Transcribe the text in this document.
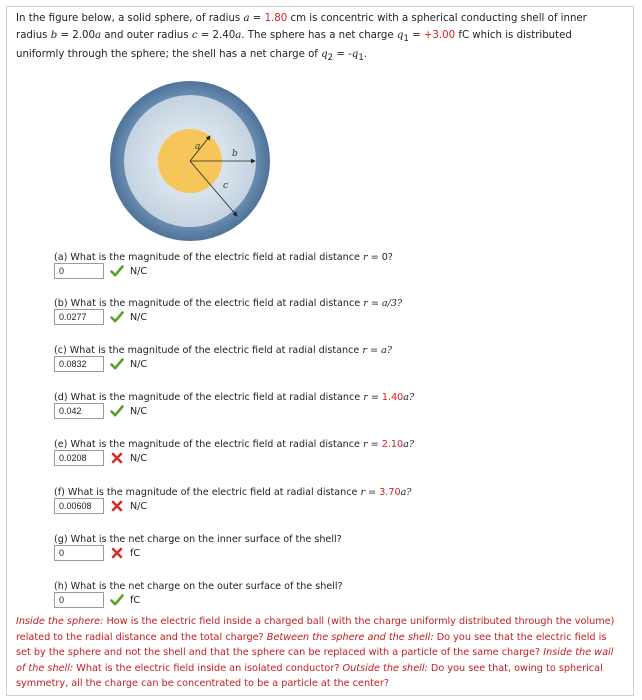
In the figure below, a solid sphere, of radius a = 1.80 cm is concentric with a spherical conducting shell of inner radius b = 2.00a and outer radius c = 2.40a. The sphere has a net charge $q_1 = +3.00$ fC which is distributed uniformly through the sphere; the shell has a net charge of $q_2 = -q_1$.
a
b
c
(a) What is the magnitude of the electric field at radial distance r = 0?
0	N/C
(b) What is the magnitude of the electric field at radial distance r = a/3?
0.0277	N/C
(c) What is the magnitude of the electric field at radial distance r = a?
0.0832	N/C
(d) What is the magnitude of the electric field at radial distance r = 1.40a?
0.042	N/C
(e) What is the magnitude of the electric field at radial distance r = 2.10a?
0.0208	N/C
(f) What is the magnitude of the electric field at radial distance r = 3.70a?
0.00608	N/C
(g) What is the net charge on the inner surface of the shell?
0	fC
(h) What is the net charge on the outer surface of the shell?
0	fC
Inside the sphere: How is the electric field inside a charged ball (with the charge uniformly distributed through the volume) related to the radial distance and the total charge? Between the sphere and the shell: Do you see that the electric field is set by the sphere and not the shell and that the sphere can be replaced with a particle of the same charge? Inside the wall of the shell: What is the electric field inside an isolated conductor? Outside the shell: Do you see that, owing to spherical symmetry, all the charge can be concentrated to be a particle at the center?
